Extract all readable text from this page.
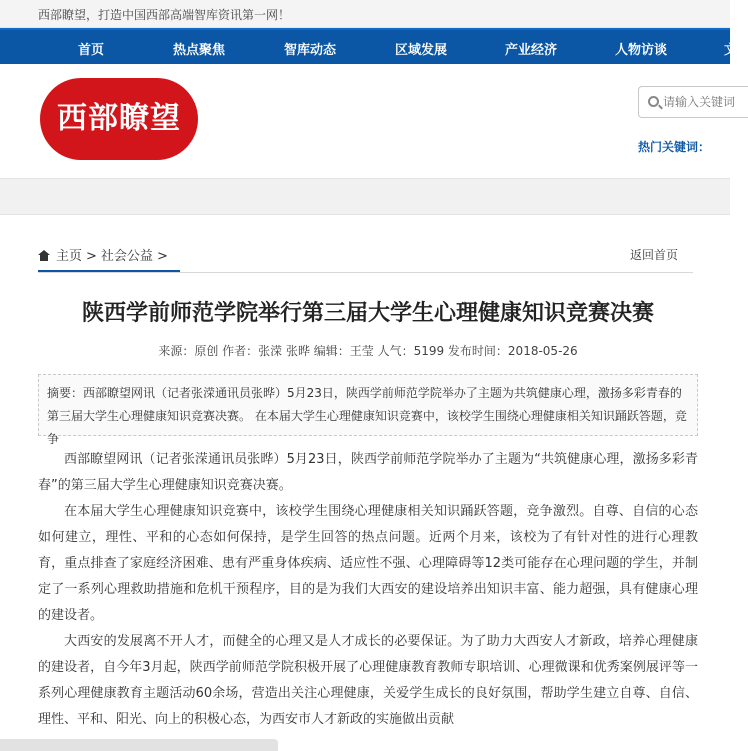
西部瞭望，打造中国西部高端智库资讯第一网！
首页	热点聚焦	智库动态	区域发展	产业经济	人物访谈	文
西部瞭望
请输入关键词
热门关键词：
主页 > 社会公益 >	返回首页
陕西学前师范学院举行第三届大学生心理健康知识竞赛决赛
来源：原创 作者：张溁 张晔 编辑：王莹 人气：5199 发布时间：2018-05-26

摘要：西部瞭望网讯（记者张溁通讯员张晔）5月23日，陕西学前师范学院举办了主题为共筑健康心理，激扬多彩青春的第三届大学生心理健康知识竞赛决赛。 在本届大学生心理健康知识竞赛中，该校学生围绕心理健康相关知识踊跃答题，竞争

西部瞭望网讯（记者张溁通讯员张晔）5月23日，陕西学前师范学院举办了主题为“共筑健康心理，激扬多彩青春”的第三届大学生心理健康知识竞赛决赛。

在本届大学生心理健康知识竞赛中，该校学生围绕心理健康相关知识踊跃答题，竞争激烈。自尊、自信的心态如何建立，理性、平和的心态如何保持，是学生回答的热点问题。近两个月来，该校为了有针对性的进行心理教育，重点排查了家庭经济困难、患有严重身体疾病、适应性不强、心理障碍等12类可能存在心理问题的学生，并制定了一系列心理救助措施和危机干预程序，目的是为我们大西安的建设培养出知识丰富、能力超强，具有健康心理的建设者。

大西安的发展离不开人才，而健全的心理又是人才成长的必要保证。为了助力大西安人才新政，培养心理健康的建设者，自今年3月起，陕西学前师范学院积极开展了心理健康教育教师专职培训、心理微课和优秀案例展评等一系列心理健康教育主题活动60余场，营造出关注心理健康，关爱学生成长的良好氛围，帮助学生建立自尊、自信、理性、平和、阳光、向上的积极心态，为西安市人才新政的实施做出贡献
